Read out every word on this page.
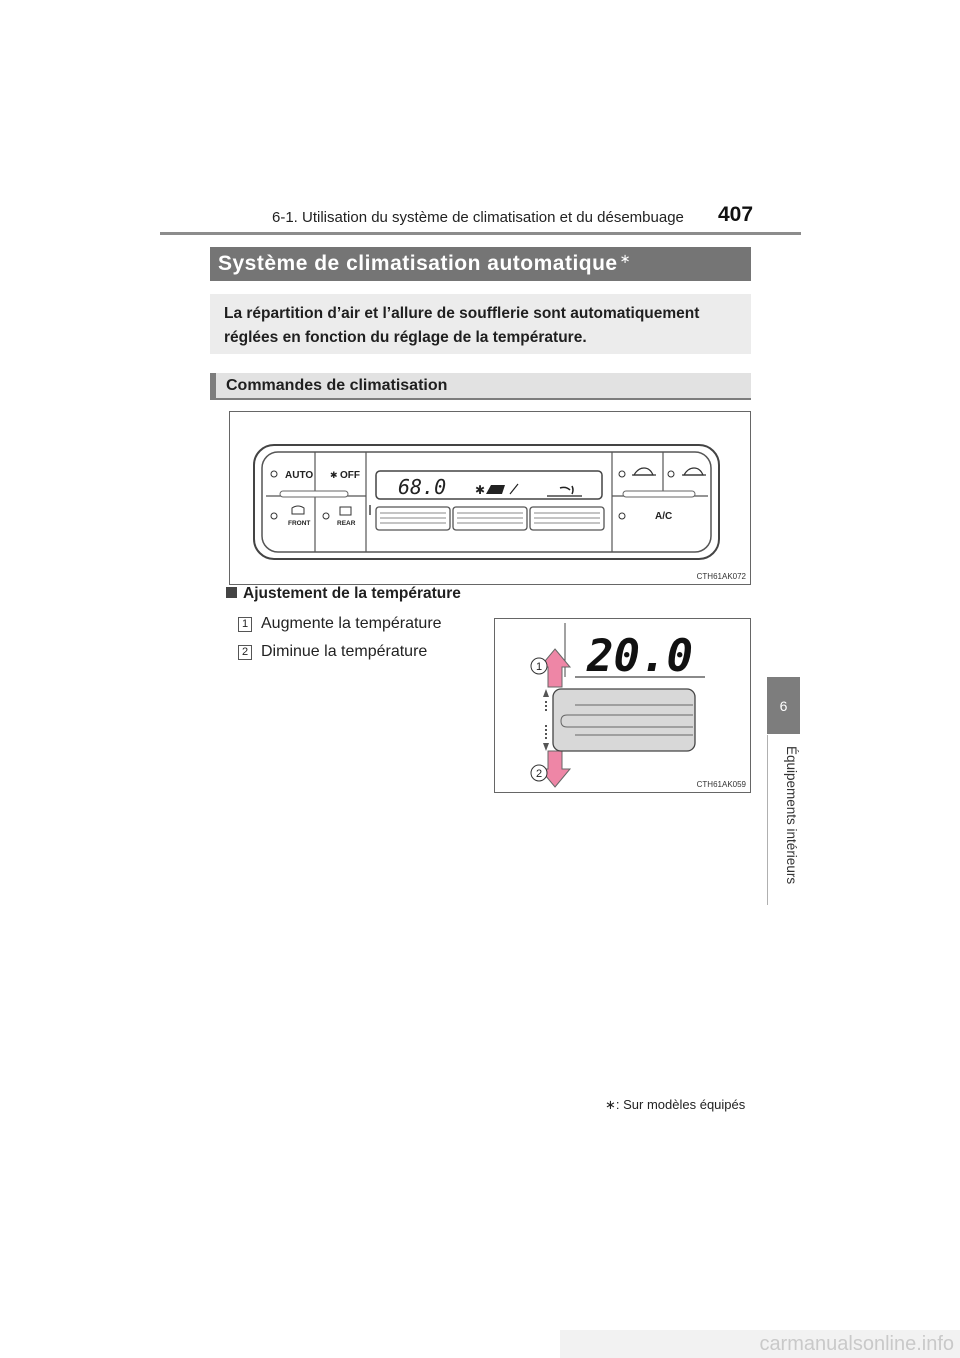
6-1. Utilisation du système de climatisation et du désembuage 407
6
Équipements intérieurs
Système de climatisation automatique∗
La répartition d’air et l’allure de soufflerie sont automatiquement
réglées en fonction du réglage de la température.
Commandes de climatisation
AUTO ✱ OFF
FRONT	REAR
A/C
68.0 ✱
CTH61AK072
Ajustement de la température
1 Augmente la température
2 Diminue la température	20.0
1
2
CTH61AK059
∗: Sur modèles équipés
carmanualsonline.info
